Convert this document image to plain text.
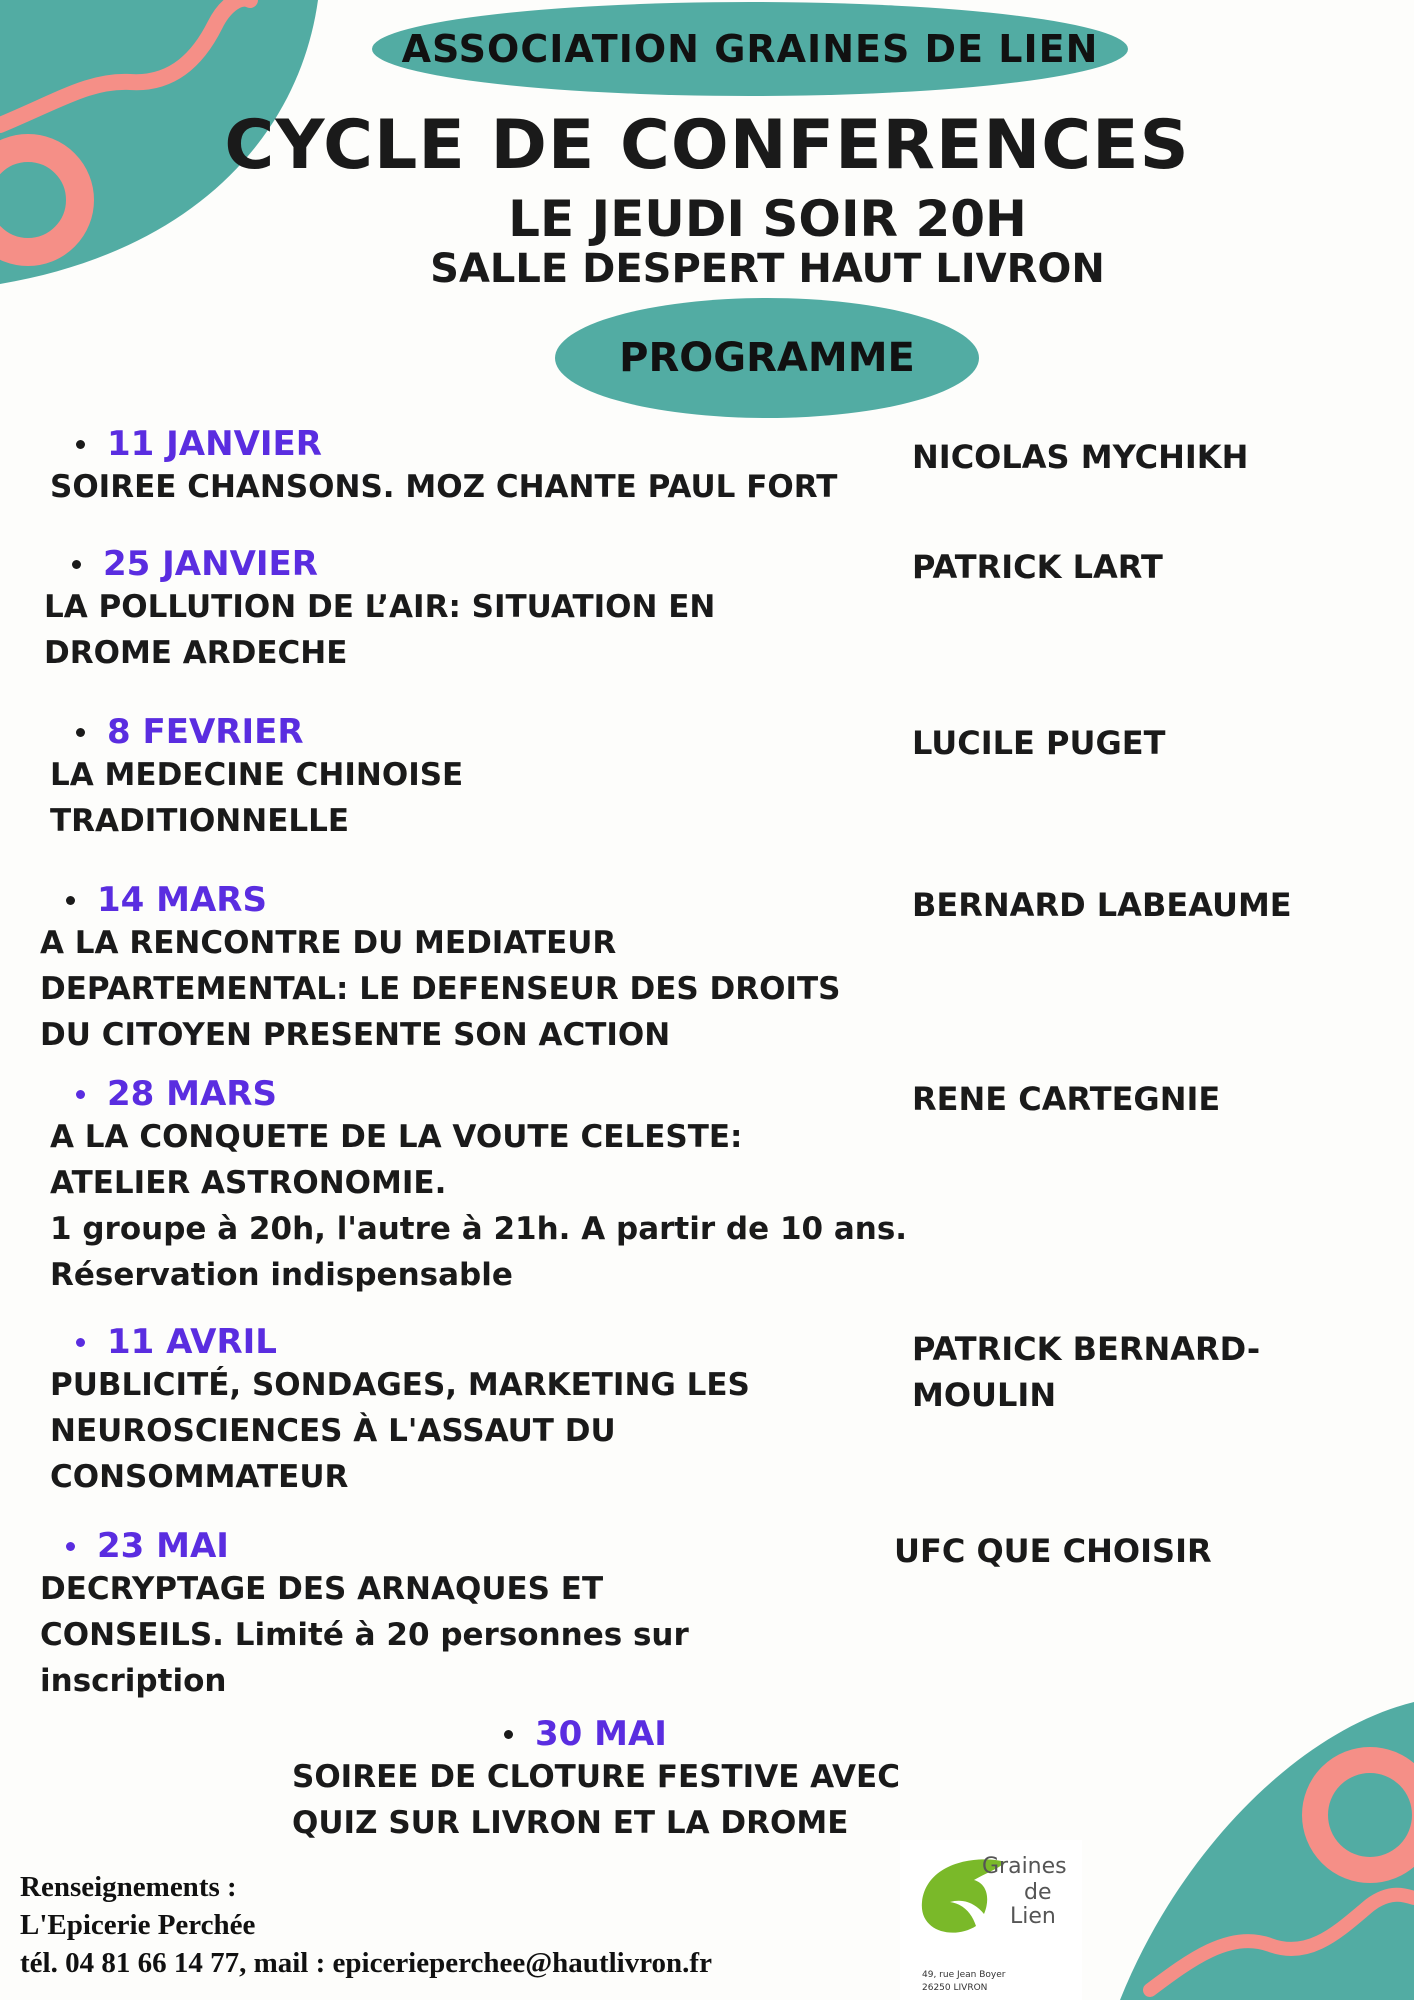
ASSOCIATION GRAINES DE LIEN
CYCLE DE CONFERENCES
LE JEUDI SOIR 20H
SALLE DESPERT HAUT LIVRON
PROGRAMME
11 JANVIER
SOIREE CHANSONS. MOZ CHANTE PAUL FORT
NICOLAS MYCHIKH
25 JANVIER
LA POLLUTION DE L’AIR: SITUATION EN
DROME ARDECHE
PATRICK LART
8 FEVRIER
LA MEDECINE CHINOISE
TRADITIONNELLE
LUCILE PUGET
14 MARS
A LA RENCONTRE DU MEDIATEUR
DEPARTEMENTAL: LE DEFENSEUR DES DROITS
DU CITOYEN PRESENTE SON ACTION
BERNARD LABEAUME
28 MARS
A LA CONQUETE DE LA VOUTE CELESTE:
ATELIER ASTRONOMIE.
1 groupe à 20h, l'autre à 21h. A partir de 10 ans.
Réservation indispensable
RENE CARTEGNIE
11 AVRIL
PUBLICITÉ, SONDAGES, MARKETING LES
NEUROSCIENCES À L'ASSAUT DU
CONSOMMATEUR
PATRICK BERNARD-
MOULIN
23 MAI
DECRYPTAGE DES ARNAQUES ET
CONSEILS. Limité à 20 personnes sur
inscription
UFC QUE CHOISIR
30 MAI
SOIREE DE CLOTURE FESTIVE AVEC
QUIZ SUR LIVRON ET LA DROME
Renseignements :
L'Epicerie Perchée
tél. 04 81 66 14 77, mail : epicerieperchee@hautlivron.fr
Graines
de
Lien
49, rue Jean Boyer
26250 LIVRON
